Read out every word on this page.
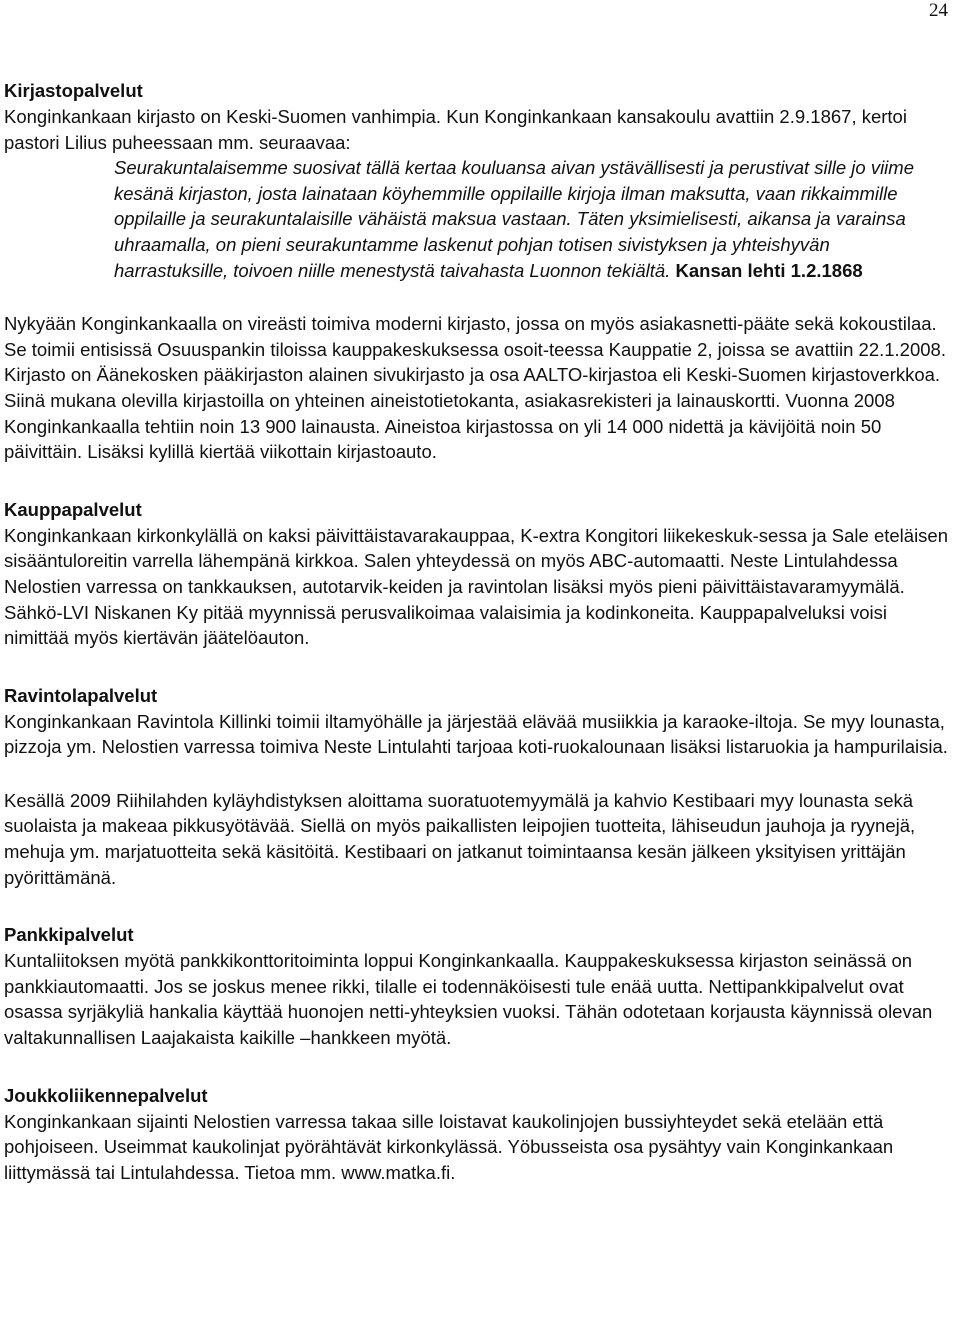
24
Kirjastopalvelut

Konginkankaan kirjasto on Keski-Suomen vanhimpia. Kun Konginkankaan kansakoulu avattiin 2.9.1867, kertoi pastori Lilius puheessaan mm. seuraavaa:

Seurakuntalaisemme suosivat tällä kertaa kouluansa aivan ystävällisesti ja perustivat sille jo viime kesänä kirjaston, josta lainataan köyhemmille oppilaille kirjoja ilman maksutta, vaan rikkaimmille oppilaille ja seurakuntalaisille vähäistä maksua vastaan. Täten yksimielisesti, aikansa ja varainsa uhraamalla, on pieni seurakuntamme laskenut pohjan totisen sivistyksen ja yhteishyvän harrastuksille, toivoen niille menestystä taivahasta Luonnon tekiältä. Kansan lehti 1.2.1868

Nykyään Konginkankaalla on vireästi toimiva moderni kirjasto, jossa on myös asiakasnetti-pääte sekä kokoustilaa. Se toimii entisissä Osuuspankin tiloissa kauppakeskuksessa osoit-teessa Kauppatie 2, joissa se avattiin 22.1.2008. Kirjasto on Äänekosken pääkirjaston alainen sivukirjasto ja osa AALTO-kirjastoa eli Keski-Suomen kirjastoverkkoa. Siinä mukana olevilla kirjastoilla on yhteinen aineistotietokanta, asiakasrekisteri ja lainauskortti. Vuonna 2008 Konginkankaalla tehtiin noin 13 900 lainausta. Aineistoa kirjastossa on yli 14 000 nidettä ja kävijöitä noin 50 päivittäin. Lisäksi kylillä kiertää viikottain kirjastoauto.

Kauppapalvelut

Konginkankaan kirkonkylällä on kaksi päivittäistavarakauppaa, K-extra Kongitori liikekeskuk-sessa ja Sale eteläisen sisääntuloreitin varrella lähempänä kirkkoa. Salen yhteydessä on myös ABC-automaatti. Neste Lintulahdessa Nelostien varressa on tankkauksen, autotarvik-keiden ja ravintolan lisäksi myös pieni päivittäistavaramyymälä. Sähkö-LVI Niskanen Ky pitää myynnissä perusvalikoimaa valaisimia ja kodinkoneita. Kauppapalveluksi voisi nimittää myös kiertävän jäätelöauton.

Ravintolapalvelut

Konginkankaan Ravintola Killinki toimii iltamyöhälle ja järjestää elävää musiikkia ja karaoke-iltoja. Se myy lounasta, pizzoja ym. Nelostien varressa toimiva Neste Lintulahti tarjoaa koti-ruokalounaan lisäksi listaruokia ja hampurilaisia.

Kesällä 2009 Riihilahden kyläyhdistyksen aloittama suoratuotemyymälä ja kahvio Kestibaari myy lounasta sekä suolaista ja makeaa pikkusyötävää. Siellä on myös paikallisten leipojien tuotteita, lähiseudun jauhoja ja ryynejä, mehuja ym. marjatuotteita sekä käsitöitä. Kestibaari on jatkanut toimintaansa kesän jälkeen yksityisen yrittäjän pyörittämänä.

Pankkipalvelut

Kuntaliitoksen myötä pankkikonttoritoiminta loppui Konginkankaalla. Kauppakeskuksessa kirjaston seinässä on pankkiautomaatti. Jos se joskus menee rikki, tilalle ei todennäköisesti tule enää uutta. Nettipankkipalvelut ovat osassa syrjäkyliä hankalia käyttää huonojen netti-yhteyksien vuoksi. Tähän odotetaan korjausta käynnissä olevan valtakunnallisen Laajakaista kaikille –hankkeen myötä.

Joukkoliikennepalvelut

Konginkankaan sijainti Nelostien varressa takaa sille loistavat kaukolinjojen bussiyhteydet sekä etelään että pohjoiseen. Useimmat kaukolinjat pyörähtävät kirkonkylässä. Yöbusseista osa pysähtyy vain Konginkankaan liittymässä tai Lintulahdessa. Tietoa mm. www.matka.fi.
